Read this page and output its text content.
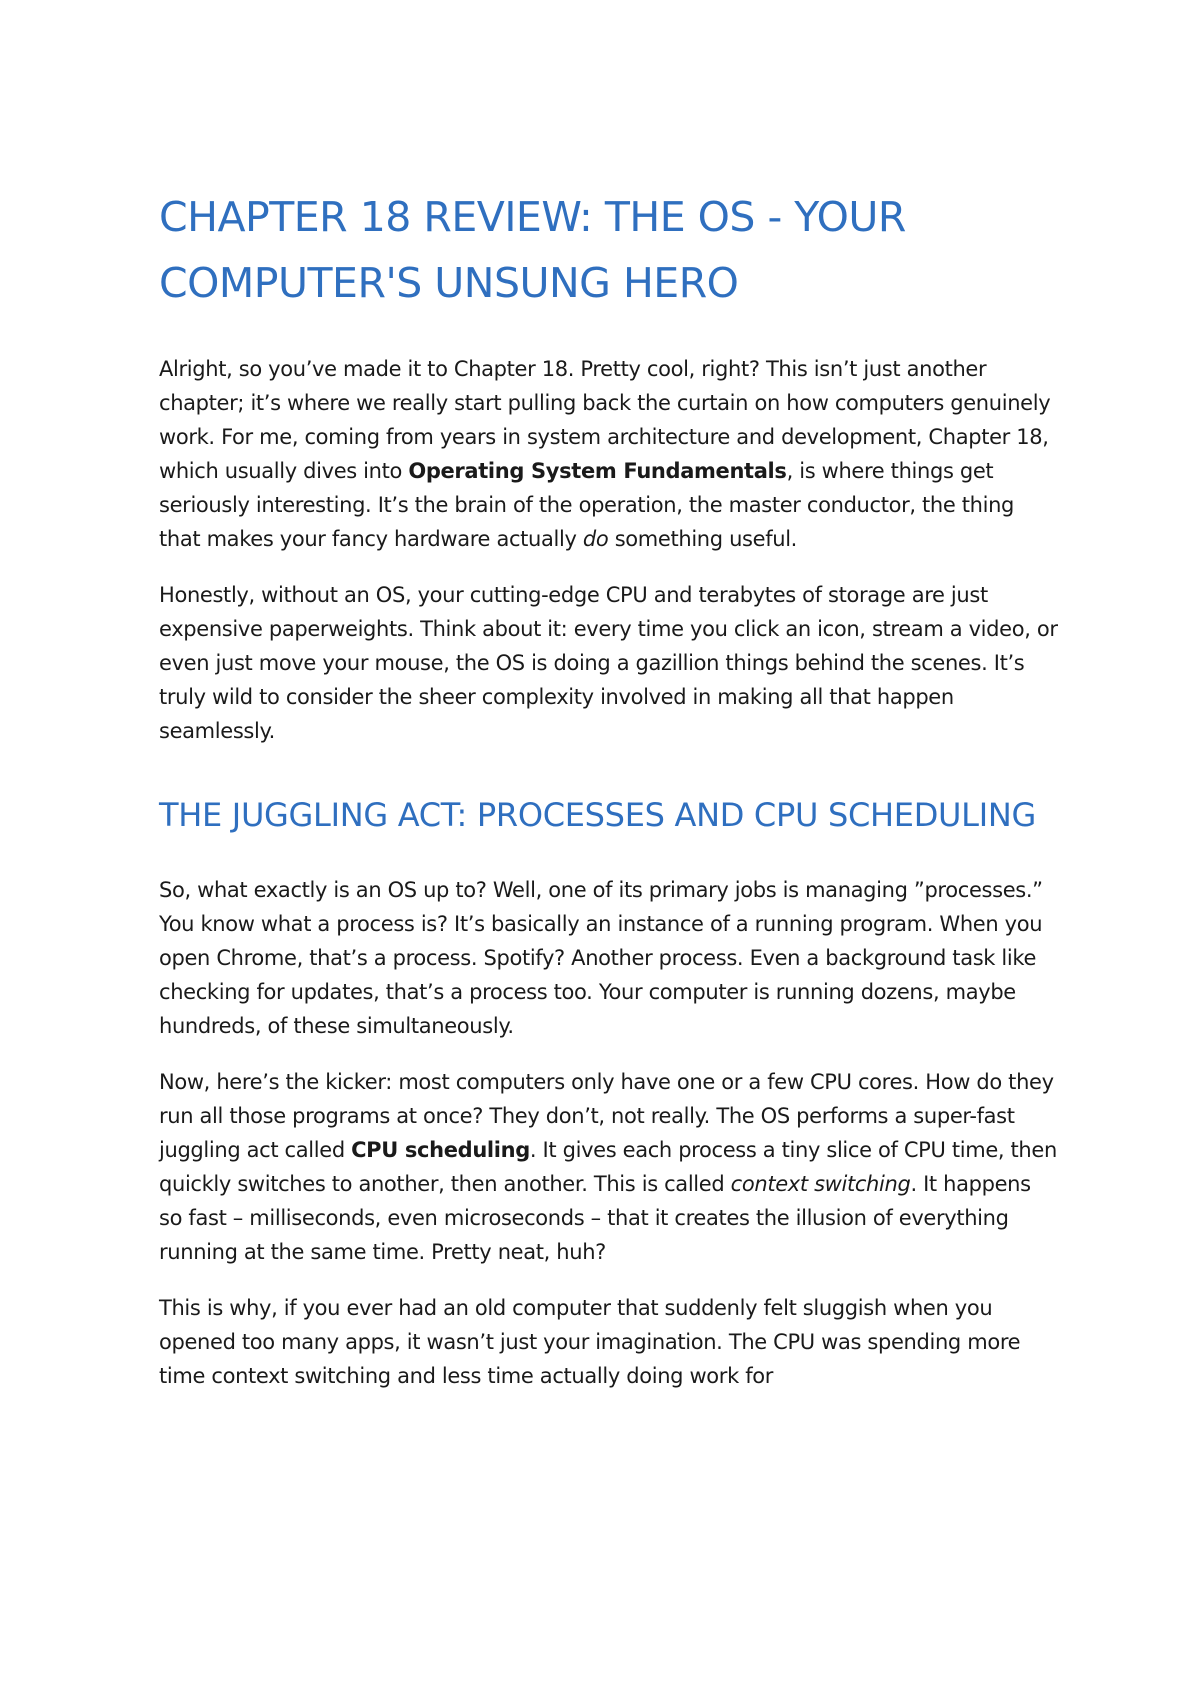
CHAPTER 18 REVIEW: THE OS - YOUR COMPUTER'S UNSUNG HERO

Alright, so you’ve made it to Chapter 18. Pretty cool, right? This isn’t just another chapter; it’s where we really start pulling back the curtain on how computers genuinely work. For me, coming from years in system architecture and development, Chapter 18, which usually dives into Operating System Fundamentals, is where things get seriously interesting. It’s the brain of the operation, the master conductor, the thing that makes your fancy hardware actually do something useful.

Honestly, without an OS, your cutting-edge CPU and terabytes of storage are just expensive paperweights. Think about it: every time you click an icon, stream a video, or even just move your mouse, the OS is doing a gazillion things behind the scenes. It’s truly wild to consider the sheer complexity involved in making all that happen seamlessly.

THE JUGGLING ACT: PROCESSES AND CPU SCHEDULING

So, what exactly is an OS up to? Well, one of its primary jobs is managing ”processes.” You know what a process is? It’s basically an instance of a running program. When you open Chrome, that’s a process. Spotify? Another process. Even a background task like checking for updates, that’s a process too. Your computer is running dozens, maybe hundreds, of these simultaneously.

Now, here’s the kicker: most computers only have one or a few CPU cores. How do they run all those programs at once? They don’t, not really. The OS performs a super-fast juggling act called CPU scheduling. It gives each process a tiny slice of CPU time, then quickly switches to another, then another. This is called context switching. It happens so fast – milliseconds, even microseconds – that it creates the illusion of everything running at the same time. Pretty neat, huh?

This is why, if you ever had an old computer that suddenly felt sluggish when you opened too many apps, it wasn’t just your imagination. The CPU was spending more time context switching and less time actually doing work for
